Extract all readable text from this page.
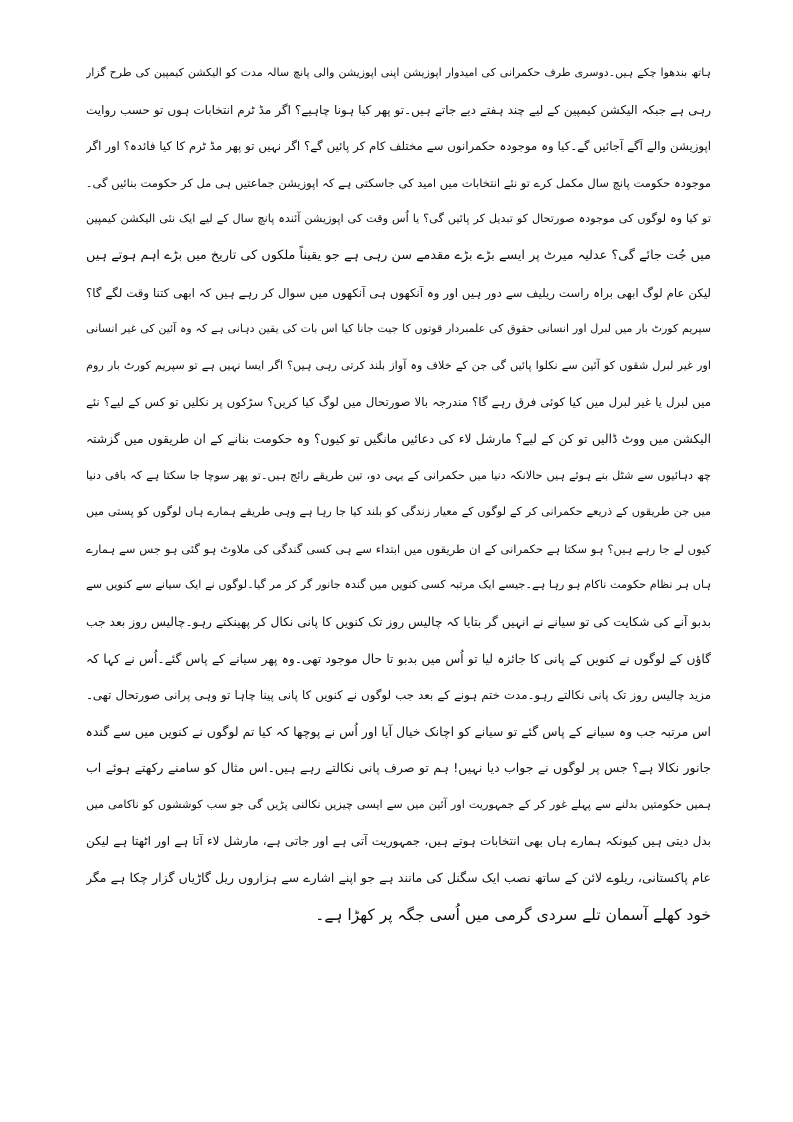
ہاتھ بندھوا چکے ہیں۔دوسری طرف حکمرانی کی امیدوار اپوزیشن اپنی اپوزیشن والی پانچ سالہ مدت کو الیکشن کیمپین کی طرح گزار
رہی ہے جبکہ الیکشن کیمپین کے لیے چند ہفتے دیے جاتے ہیں۔تو پھر کیا ہونا چاہیے؟ اگر مڈ ٹرم انتخابات ہوں تو حسب روایت
اپوزیشن والے آگے آجائیں گے۔کیا وہ موجودہ حکمرانوں سے مختلف کام کر پائیں گے؟ اگر نہیں تو پھر مڈ ٹرم کا کیا فائدہ؟ اور اگر
موجودہ حکومت پانچ سال مکمل کرے تو نئے انتخابات میں امید کی جاسکتی ہے کہ اپوزیشن جماعتیں ہی مل کر حکومت بنائیں گی۔
تو کیا وہ لوگوں کی موجودہ صورتحال کو تبدیل کر پائیں گی؟ یا اُس وقت کی اپوزیشن آئندہ پانچ سال کے لیے ایک نئی الیکشن کیمپین
میں جُت جائے گی؟ عدلیہ میرٹ پر ایسے بڑے بڑے مقدمے سن رہی ہے جو یقیناً ملکوں کی تاریخ میں بڑے اہم ہوتے ہیں
لیکن عام لوگ ابھی براہ راست ریلیف سے دور ہیں اور وہ آنکھوں ہی آنکھوں میں سوال کر رہے ہیں کہ ابھی کتنا وقت لگے گا؟
سپریم کورٹ بار میں لبرل اور انسانی حقوق کی علمبردار قوتوں کا جیت جانا کیا اس بات کی یقین دہانی ہے کہ وہ آئین کی غیر انسانی
اور غیر لبرل شقوں کو آئین سے نکلوا پائیں گی جن کے خلاف وہ آواز بلند کرتی رہی ہیں؟ اگر ایسا نہیں ہے تو سپریم کورٹ بار روم
میں لبرل یا غیر لبرل میں کیا کوئی فرق رہے گا؟ مندرجہ بالا صورتحال میں لوگ کیا کریں؟ سڑکوں پر نکلیں تو کس کے لیے؟ نئے
الیکشن میں ووٹ ڈالیں تو کن کے لیے؟ مارشل لاء کی دعائیں مانگیں تو کیوں؟ وہ حکومت بنانے کے ان طریقوں میں گزشتہ
چھ دہائیوں سے شٹل بنے ہوئے ہیں حالانکہ دنیا میں حکمرانی کے یہی دو، تین طریقے رائج ہیں۔تو پھر سوچا جا سکتا ہے کہ باقی دنیا
میں جن طریقوں کے ذریعے حکمرانی کر کے لوگوں کے معیار زندگی کو بلند کیا جا رہا ہے وہی طریقے ہمارے ہاں لوگوں کو پستی میں
کیوں لے جا رہے ہیں؟ ہو سکتا ہے حکمرانی کے ان طریقوں میں ابتداء سے ہی کسی گندگی کی ملاوٹ ہو گئی ہو جس سے ہمارے
ہاں ہر نظام حکومت ناکام ہو رہا ہے۔جیسے ایک مرتبہ کسی کنویں میں گندہ جانور گر کر مر گیا۔لوگوں نے ایک سیانے سے کنویں سے
بدبو آنے کی شکایت کی تو سیانے نے انہیں گر بتایا کہ چالیس روز تک کنویں کا پانی نکال کر پھینکتے رہو۔چالیس روز بعد جب
گاؤں کے لوگوں نے کنویں کے پانی کا جائزہ لیا تو اُس میں بدبو تا حال موجود تھی۔وہ پھر سیانے کے پاس گئے۔اُس نے کہا کہ
مزید چالیس روز تک پانی نکالتے رہو۔مدت ختم ہونے کے بعد جب لوگوں نے کنویں کا پانی پینا چاہا تو وہی پرانی صورتحال تھی۔
اس مرتبہ جب وہ سیانے کے پاس گئے تو سیانے کو اچانک خیال آیا اور اُس نے پوچھا کہ کیا تم لوگوں نے کنویں میں سے گندہ
جانور نکالا ہے؟ جس پر لوگوں نے جواب دیا نہیں! ہم تو صرف پانی نکالتے رہے ہیں۔اس مثال کو سامنے رکھتے ہوئے اب
ہمیں حکومتیں بدلنے سے پہلے غور کر کے جمہوریت اور آئین میں سے ایسی چیزیں نکالنی پڑیں گی جو سب کوششوں کو ناکامی میں
بدل دیتی ہیں کیونکہ ہمارے ہاں بھی انتخابات ہوتے ہیں، جمہوریت آتی ہے اور جاتی ہے، مارشل لاء آتا ہے اور اٹھتا ہے لیکن
عام پاکستانی، ریلوے لائن کے ساتھ نصب ایک سگنل کی مانند ہے جو اپنے اشارے سے ہزاروں ریل گاڑیاں گزار چکا ہے مگر
خود کھلے آسمان تلے سردی گرمی میں اُسی جگہ پر کھڑا ہے۔
